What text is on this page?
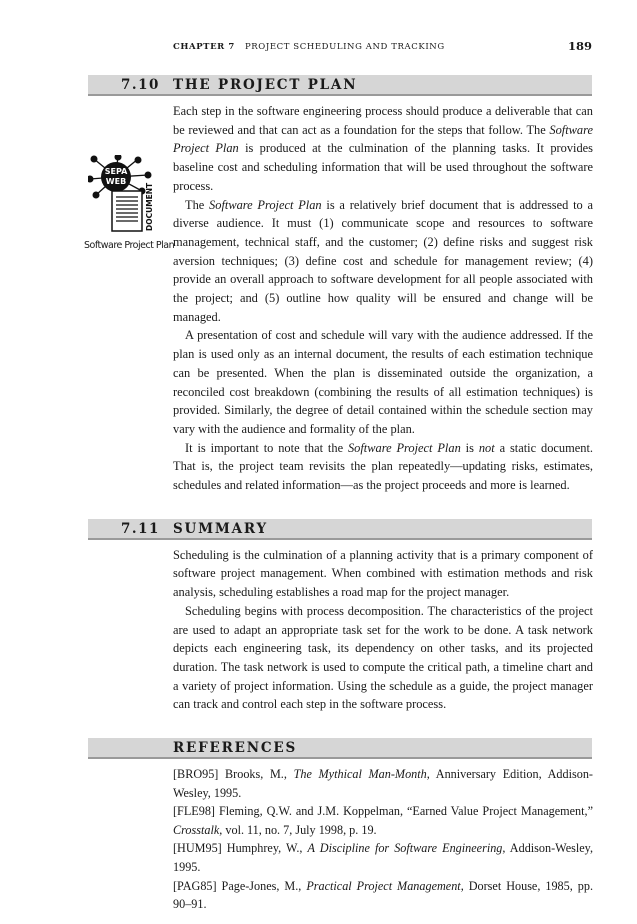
CHAPTER 7 PROJECT SCHEDULING AND TRACKING	189
7.10 THE PROJECT PLAN

Each step in the software engineering process should produce a deliverable that can be reviewed and that can act as a foundation for the steps that follow. The Software Project Plan is produced at the culmination of the planning tasks. It provides baseline cost and scheduling information that will be used throughout the software process.

The Software Project Plan is a relatively brief document that is addressed to a diverse audience. It must (1) communicate scope and resources to software management, technical staff, and the customer; (2) define risks and suggest risk aversion techniques; (3) define cost and schedule for management review; (4) provide an overall approach to software development for all people associated with the project; and (5) outline how quality will be ensured and change will be managed.

A presentation of cost and schedule will vary with the audience addressed. If the plan is used only as an internal document, the results of each estimation technique can be presented. When the plan is disseminated outside the organization, a reconciled cost breakdown (combining the results of all estimation techniques) is provided. Similarly, the degree of detail contained within the schedule section may vary with the audience and formality of the plan.

It is important to note that the Software Project Plan is not a static document. That is, the project team revisits the plan repeatedly—updating risks, estimates, schedules and related information—as the project proceeds and more is learned.

7.11 SUMMARY

Scheduling is the culmination of a planning activity that is a primary component of software project management. When combined with estimation methods and risk analysis, scheduling establishes a road map for the project manager.

Scheduling begins with process decomposition. The characteristics of the project are used to adapt an appropriate task set for the work to be done. A task network depicts each engineering task, its dependency on other tasks, and its projected duration. The task network is used to compute the critical path, a timeline chart and a variety of project information. Using the schedule as a guide, the project manager can track and control each step in the software process.

REFERENCES

[BRO95] Brooks, M., The Mythical Man-Month, Anniversary Edition, Addison-Wesley, 1995.

[FLE98] Fleming, Q.W. and J.M. Koppelman, “Earned Value Project Management,” Crosstalk, vol. 11, no. 7, July 1998, p. 19.

[HUM95] Humphrey, W., A Discipline for Software Engineering, Addison-Wesley, 1995.

[PAG85] Page-Jones, M., Practical Project Management, Dorset House, 1985, pp. 90–91.

SEPA
WEB
DOCUMENT
Software Project Plan
